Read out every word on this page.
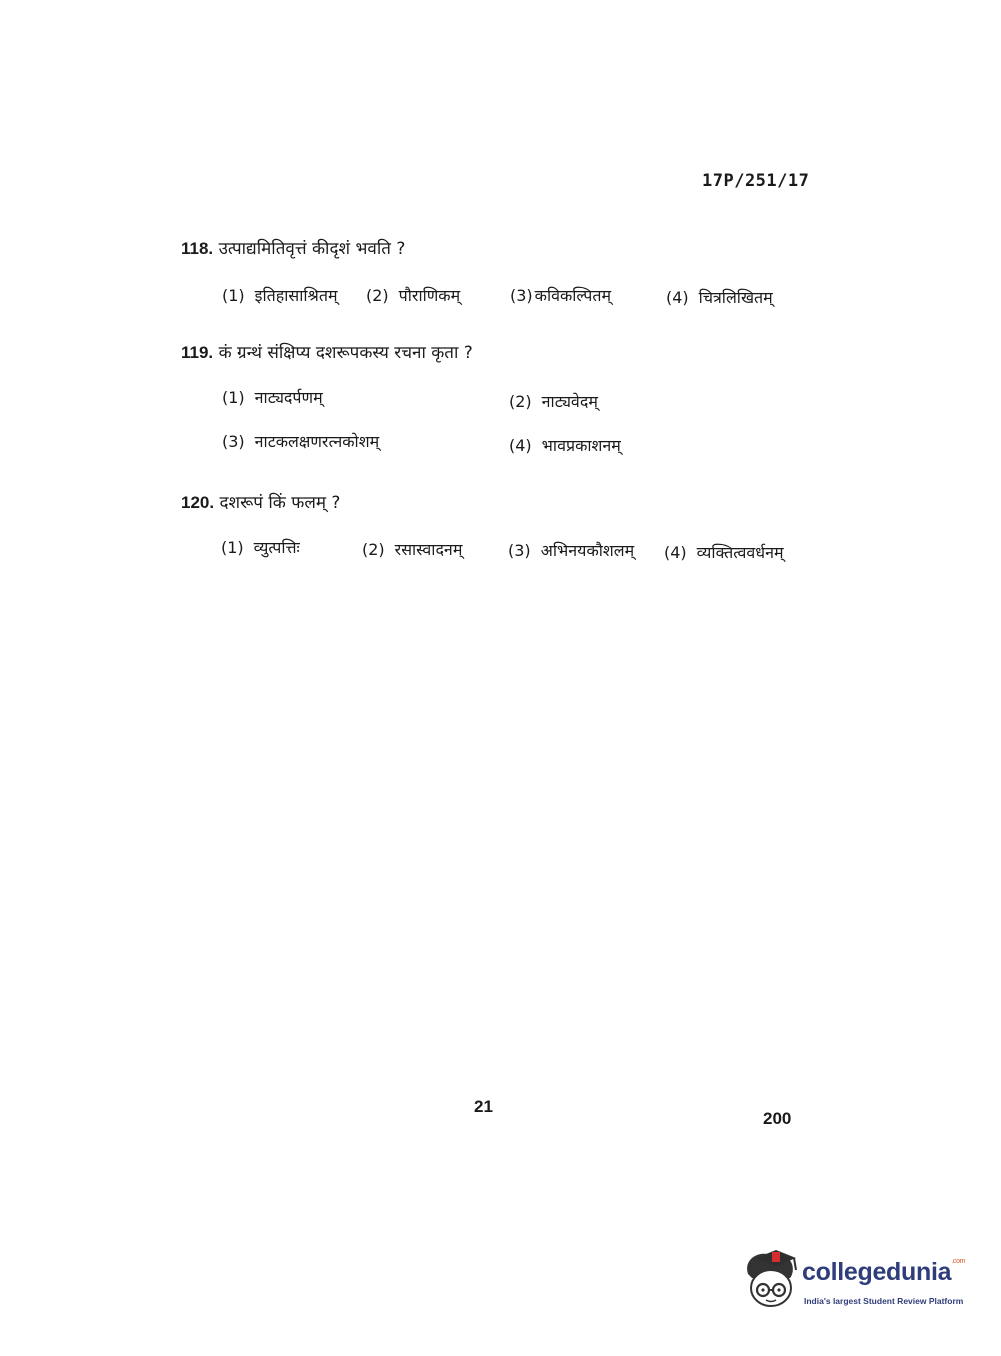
17P/251/17
118. उत्पाद्यमितिवृत्तं कीदृशं भवति ?
(1) इतिहासाश्रितम् (2) पौराणिकम्	(3) कविकल्पितम्	(4) चित्रलिखितम्
119. कं ग्रन्थं संक्षिप्य दशरूपकस्य रचना कृता ?
(1) नाट्यदर्पणम्	(2) नाट्यवेदम्
(3) नाटकलक्षणरत्नकोशम्	(4) भावप्रकाशनम्
120. दशरूपं किं फलम् ?
(1) व्युत्पत्तिः	(2) रसास्वादनम्	(3) अभिनयकौशलम् (4) व्यक्तित्ववर्धनम्
21
200
collegedunia$^{.com}$
India's largest Student Review Platform
